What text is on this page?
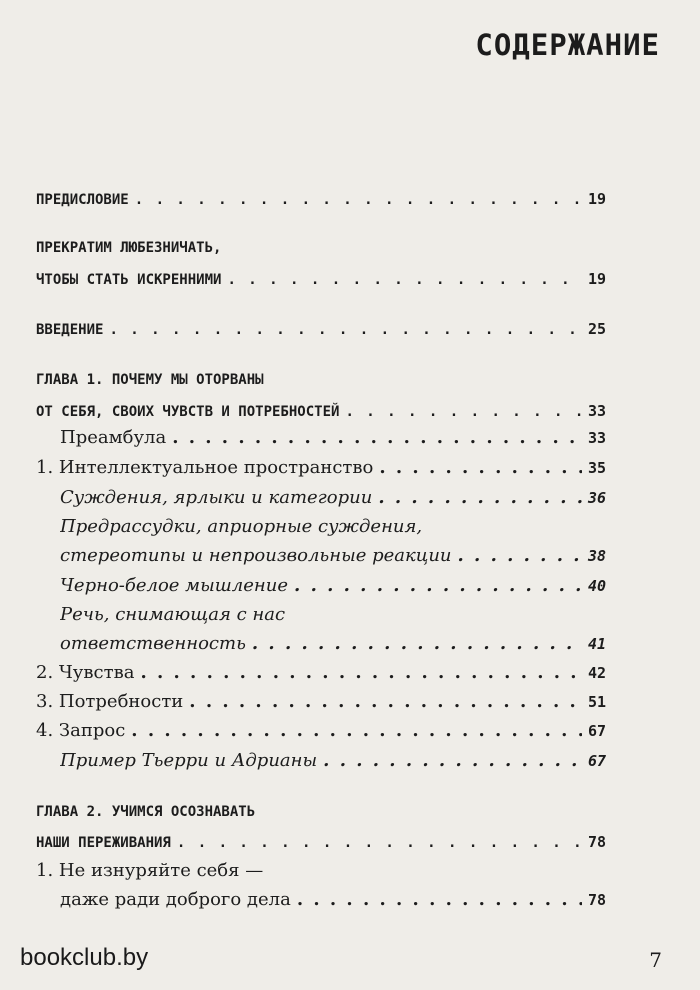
СОДЕРЖАНИЕ
ПРЕДИСЛОВИЕ . . .	19
ПРЕКРАТИМ ЛЮБЕЗНИЧАТЬ,
ЧТОБЫ СТАТЬ ИСКРЕННИМИ . . .	19
ВВЕДЕНИЕ . . .	25
ГЛАВА 1. ПОЧЕМУ МЫ ОТОРВАНЫ
ОТ СЕБЯ, СВОИХ ЧУВСТВ И ПОТРЕБНОСТЕЙ . . .	33
Преамбула . . .	33
1. Интеллектуальное пространство . . .	35
Суждения, ярлыки и категории . . .	36
Предрассудки, априорные суждения,
стереотипы и непроизвольные реакции . . .	38
Черно-белое мышление . . .	40
Речь, снимающая с нас
ответственность . . .	41
2. Чувства . . .	42
3. Потребности . . .	51
4. Запрос . . .	67
Пример Тьерри и Адрианы . . .	67
ГЛАВА 2. УЧИМСЯ ОСОЗНАВАТЬ
НАШИ ПЕРЕЖИВАНИЯ . . .	78
1. Не изнуряйте себя —
даже ради доброго дела . . .	78
bookclub.by	7
